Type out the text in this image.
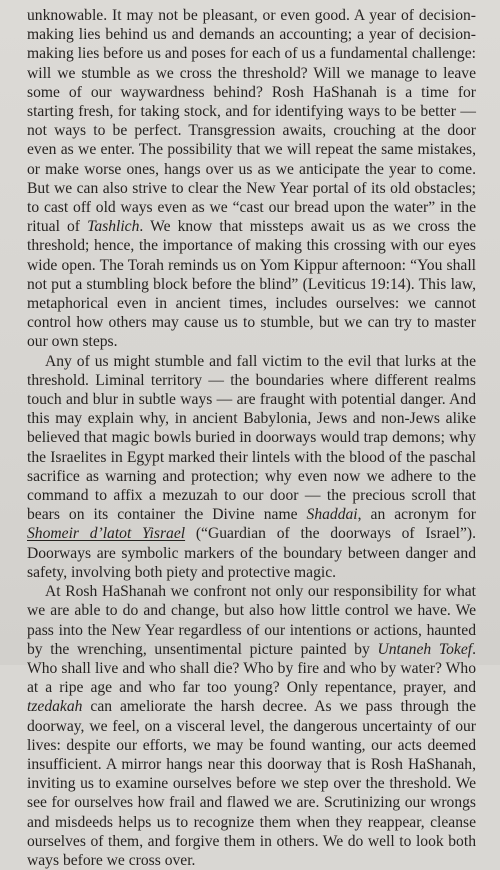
unknowable. It may not be pleasant, or even good. A year of decision-making lies behind us and demands an accounting; a year of decision-making lies before us and poses for each of us a fundamental challenge: will we stumble as we cross the threshold? Will we manage to leave some of our waywardness behind? Rosh HaShanah is a time for starting fresh, for taking stock, and for identifying ways to be better — not ways to be perfect. Transgression awaits, crouching at the door even as we enter. The possibility that we will repeat the same mistakes, or make worse ones, hangs over us as we anticipate the year to come. But we can also strive to clear the New Year portal of its old obstacles; to cast off old ways even as we “cast our bread upon the water” in the ritual of Tashlich. We know that missteps await us as we cross the threshold; hence, the importance of making this crossing with our eyes wide open. The Torah reminds us on Yom Kippur afternoon: “You shall not put a stumbling block before the blind” (Leviticus 19:14). This law, metaphorical even in ancient times, includes ourselves: we cannot control how others may cause us to stumble, but we can try to master our own steps.

Any of us might stumble and fall victim to the evil that lurks at the threshold. Liminal territory — the boundaries where different realms touch and blur in subtle ways — are fraught with potential danger. And this may explain why, in ancient Babylonia, Jews and non-Jews alike believed that magic bowls buried in doorways would trap demons; why the Israelites in Egypt marked their lintels with the blood of the paschal sacrifice as warning and protection; why even now we adhere to the command to affix a mezuzah to our door — the precious scroll that bears on its container the Divine name Shaddai, an acronym for Shomeir d’latot Yisrael (“Guardian of the doorways of Israel”). Doorways are symbolic markers of the boundary between danger and safety, involving both piety and protective magic.

At Rosh HaShanah we confront not only our responsibility for what we are able to do and change, but also how little control we have. We pass into the New Year regardless of our intentions or actions, haunted by the wrenching, unsentimental picture painted by Untaneh Tokef. Who shall live and who shall die? Who by fire and who by water? Who at a ripe age and who far too young? Only repentance, prayer, and tzedakah can ameliorate the harsh decree. As we pass through the doorway, we feel, on a visceral level, the dangerous uncertainty of our lives: despite our efforts, we may be found wanting, our acts deemed insufficient. A mirror hangs near this doorway that is Rosh HaShanah, inviting us to examine ourselves before we step over the threshold. We see for ourselves how frail and flawed we are. Scrutinizing our wrongs and misdeeds helps us to recognize them when they reappear, cleanse ourselves of them, and forgive them in others. We do well to look both ways before we cross over.
